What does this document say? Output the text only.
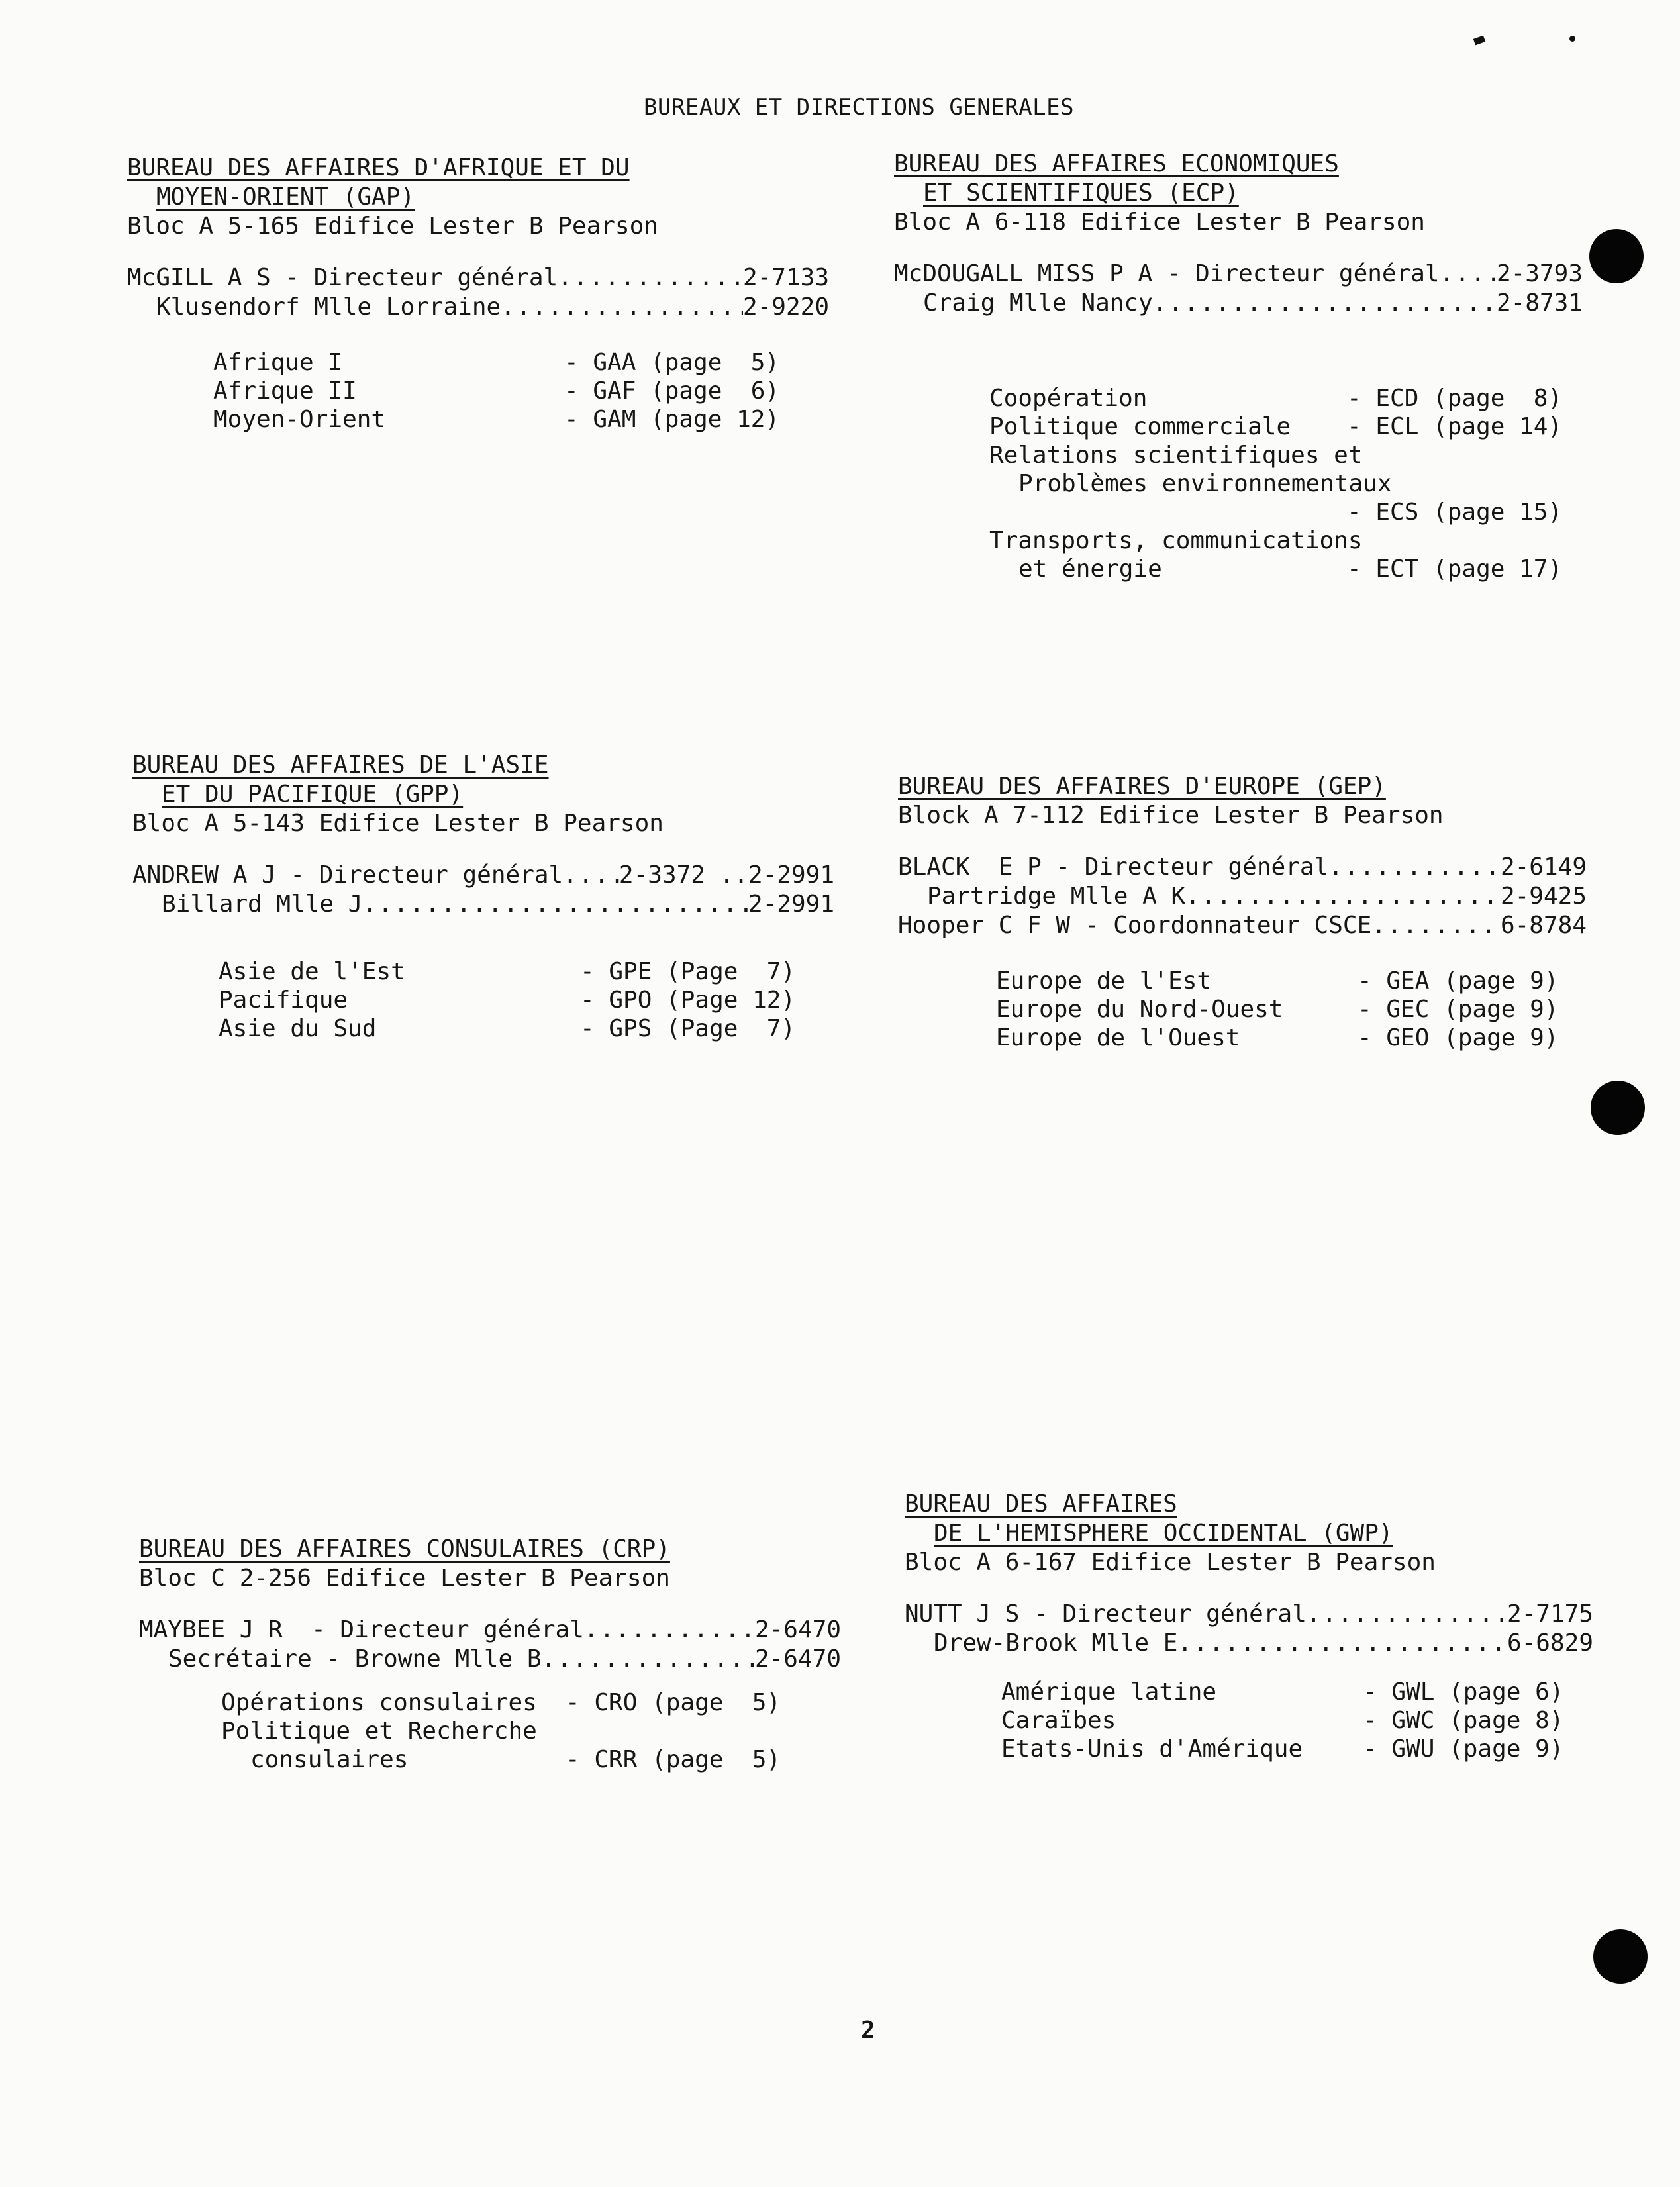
BUREAUX ET DIRECTIONS GENERALES
BUREAU DES AFFAIRES D'AFRIQUE ET DU
MOYEN-ORIENT (GAP)
Bloc A 5-165 Edifice Lester B Pearson
McGILL A S - Directeur général .....	2-7133
Klusendorf Mlle Lorraine .....	2-9220
Afrique I	- GAA (page  5)
Afrique II	- GAF (page  6)
Moyen-Orient	- GAM (page 12)
BUREAU DES AFFAIRES ECONOMIQUES
ET SCIENTIFIQUES (ECP)
Bloc A 6-118 Edifice Lester B Pearson
McDOUGALL MISS P A - Directeur général ..... 2-3793
Craig Mlle Nancy .....	2-8731
Coopération	- ECD (page  8)
Politique commerciale	- ECL (page 14)
Relations scientifiques et
Problèmes environnementaux
- ECS (page 15)
Transports, communications
et énergie	- ECT (page 17)
BUREAU DES AFFAIRES DE L'ASIE
ET DU PACIFIQUE (GPP)
Bloc A 5-143 Edifice Lester B Pearson
ANDREW A J - Directeur général ..... 2-3372 ..2-2991
Billard Mlle J .....	2-2991
Asie de l'Est	- GPE (Page  7)
Pacifique	- GPO (Page 12)
Asie du Sud	- GPS (Page  7)
BUREAU DES AFFAIRES D'EUROPE (GEP)
Block A 7-112 Edifice Lester B Pearson
BLACK  E P - Directeur général .....	2-6149
Partridge Mlle A K .....	2-9425
Hooper C F W - Coordonnateur CSCE .....	6-8784
Europe de l'Est	- GEA (page 9)
Europe du Nord-Ouest	- GEC (page 9)
Europe de l'Ouest	- GEO (page 9)
BUREAU DES AFFAIRES CONSULAIRES (CRP)
Bloc C 2-256 Edifice Lester B Pearson
MAYBEE J R  - Directeur général .....	2-6470
Secrétaire - Browne Mlle B .....	2-6470
Opérations consulaires	- CRO (page  5)
Politique et Recherche
consulaires	- CRR (page  5)
BUREAU DES AFFAIRES
DE L'HEMISPHERE OCCIDENTAL (GWP)
Bloc A 6-167 Edifice Lester B Pearson
NUTT J S - Directeur général .....	2-7175
Drew-Brook Mlle E .....	6-6829
Amérique latine	- GWL (page 6)
Caraïbes	- GWC (page 8)
Etats-Unis d'Amérique	- GWU (page 9)
2
